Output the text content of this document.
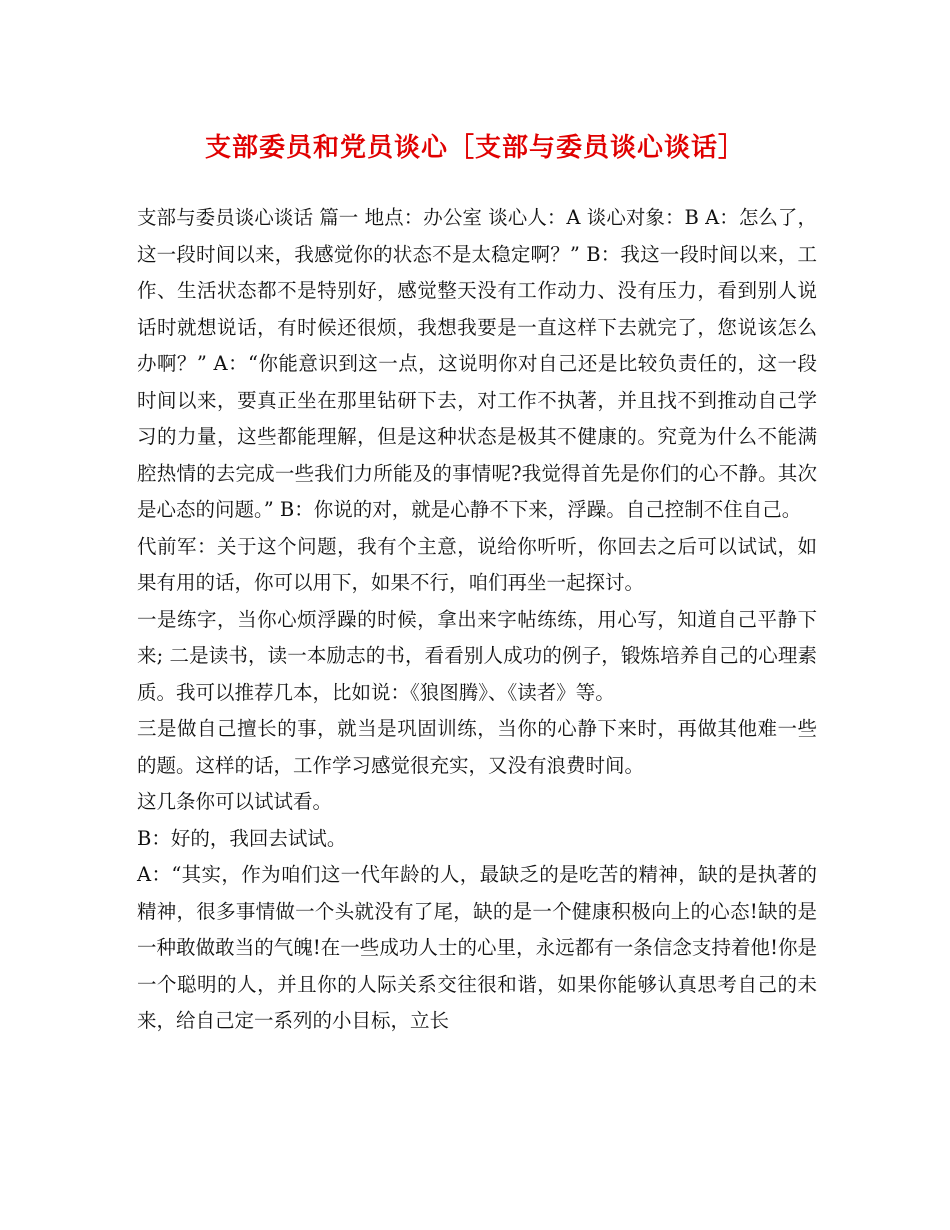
支部委员和党员谈心［支部与委员谈心谈话］

支部与委员谈心谈话 篇一 地点：办公室 谈心人：A 谈心对象：B A：怎么了，这一段时间以来，我感觉你的状态不是太稳定啊？” B：我这一段时间以来，工作、生活状态都不是特别好，感觉整天没有工作动力、没有压力，看到别人说话时就想说话，有时候还很烦，我想我要是一直这样下去就完了，您说该怎么办啊？” A：“你能意识到这一点，这说明你对自己还是比较负责任的，这一段时间以来，要真正坐在那里钻研下去，对工作不执著，并且找不到推动自己学习的力量，这些都能理解，但是这种状态是极其不健康的。究竟为什么不能满腔热情的去完成一些我们力所能及的事情呢?我觉得首先是你们的心不静。其次是心态的问题。” B：你说的对，就是心静不下来，浮躁。自己控制不住自己。

代前军：关于这个问题，我有个主意，说给你听听，你回去之后可以试试，如果有用的话，你可以用下，如果不行，咱们再坐一起探讨。

一是练字，当你心烦浮躁的时候，拿出来字帖练练，用心写，知道自己平静下来; 二是读书，读一本励志的书，看看别人成功的例子，锻炼培养自己的心理素质。我可以推荐几本，比如说：《狼图腾》、《读者》等。

三是做自己擅长的事，就当是巩固训练，当你的心静下来时，再做其他难一些的题。这样的话，工作学习感觉很充实，又没有浪费时间。

这几条你可以试试看。

B：好的，我回去试试。

A：“其实，作为咱们这一代年龄的人，最缺乏的是吃苦的精神，缺的是执著的精神，很多事情做一个头就没有了尾，缺的是一个健康积极向上的心态!缺的是一种敢做敢当的气魄!在一些成功人士的心里，永远都有一条信念支持着他!你是一个聪明的人，并且你的人际关系交往很和谐，如果你能够认真思考自己的未来，给自己定一系列的小目标，立长
